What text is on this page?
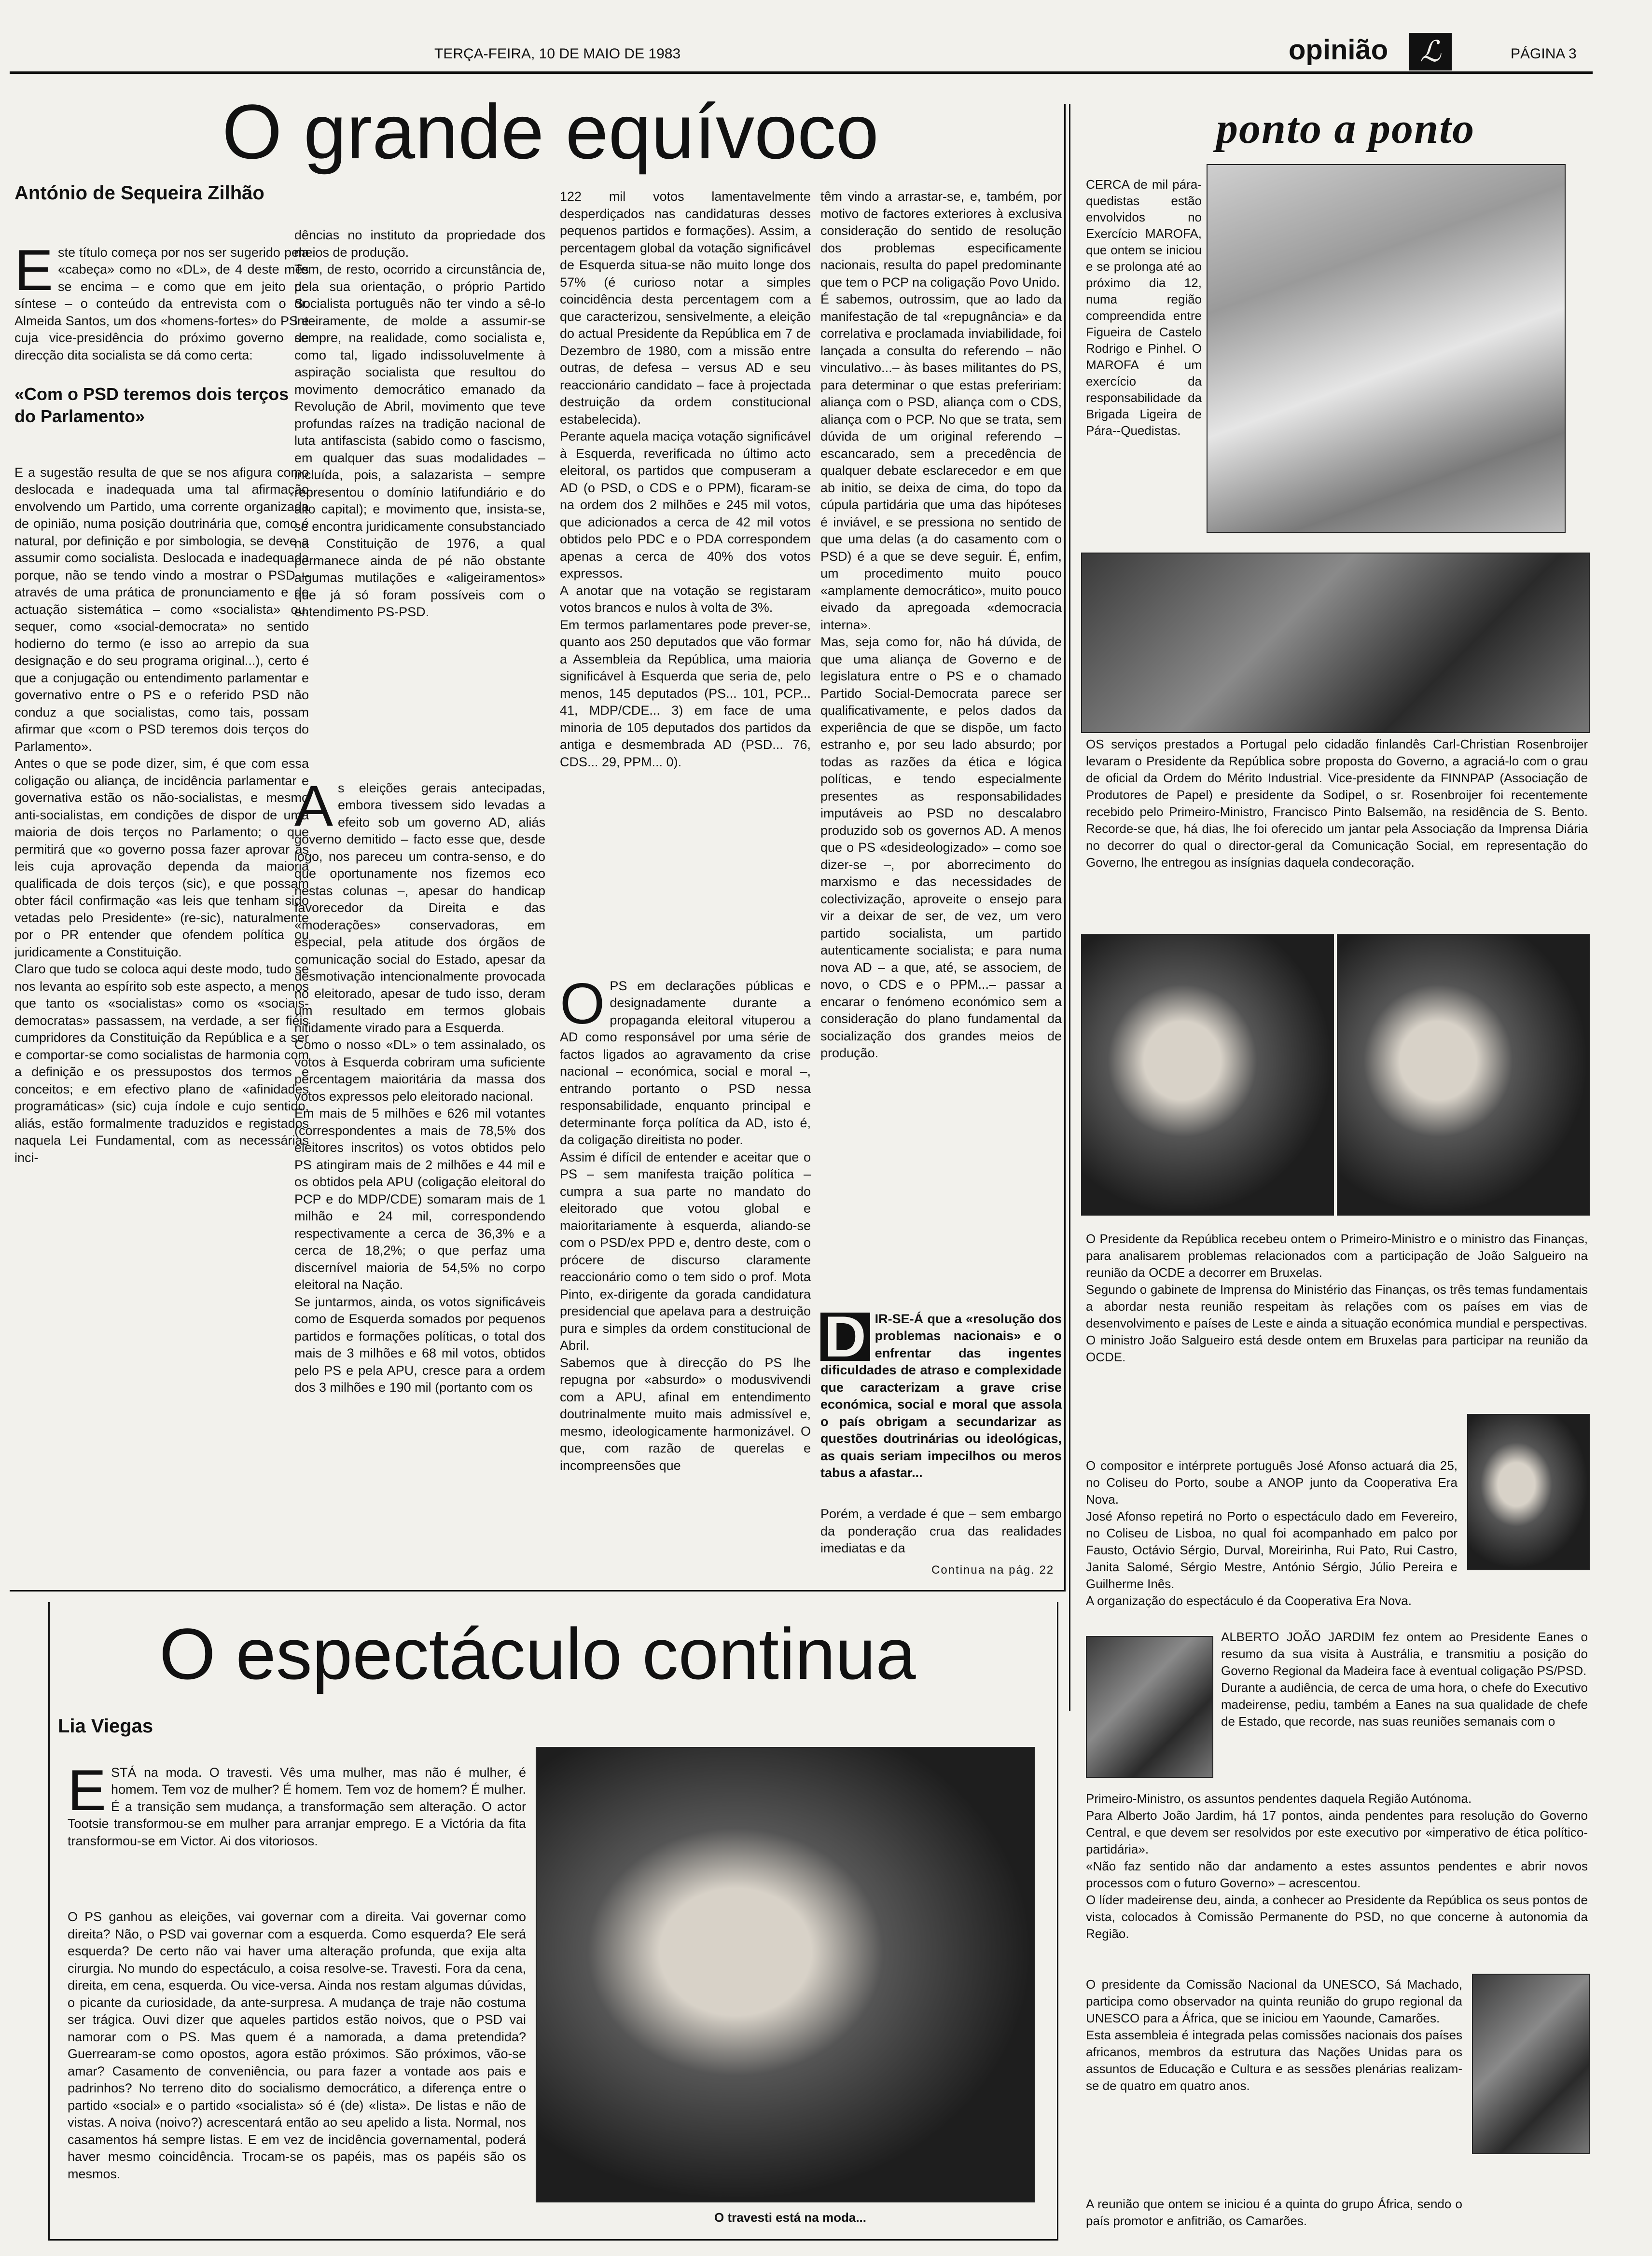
TERÇA-FEIRA, 10 DE MAIO DE 1983	opinião	ℒ	PÁGINA 3
O grande equívoco
António de Sequeira Zilhão

Este título começa por nos ser sugerido pela «cabeça» como no «DL», de 4 deste mês se encima – e como que em jeito de síntese – o conteúdo da entrevista com o dr. Almeida Santos, um dos «homens-fortes» do PS e cuja vice-presidência do próximo governo de direcção dita socialista se dá como certa:

«Com o PSD teremos dois terços do Parlamento»

E a sugestão resulta de que se nos afigura como deslocada e inadequada uma tal afirmação envolvendo um Partido, uma corrente organizada de opinião, numa posição doutrinária que, como é natural, por definição e por simbologia, se deve a assumir como socialista. Deslocada e inadequada porque, não se tendo vindo a mostrar o PSD – através de uma prática de pronunciamento e de actuação sistemática – como «socialista» ou, sequer, como «social-democrata» no sentido hodierno do termo (e isso ao arrepio da sua designação e do seu programa original...), certo é que a conjugação ou entendimento parlamentar e governativo entre o PS e o referido PSD não conduz a que socialistas, como tais, possam afirmar que «com o PSD teremos dois terços do Parlamento».
Antes o que se pode dizer, sim, é que com essa coligação ou aliança, de incidência parlamentar e governativa estão os não-socialistas, e mesmo anti-socialistas, em condições de dispor de uma maioria de dois terços no Parlamento; o que permitirá que «o governo possa fazer aprovar as leis cuja aprovação dependa da maioria qualificada de dois terços (sic), e que possam obter fácil confirmação «as leis que tenham sido vetadas pelo Presidente» (re-sic), naturalmente por o PR entender que ofendem política ou juridicamente a Constituição.
Claro que tudo se coloca aqui deste modo, tudo se nos levanta ao espírito sob este aspecto, a menos que tanto os «socialistas» como os «sociais-democratas» passassem, na verdade, a ser fiéis cumpridores da Constituição da República e a ser e comportar-se como socialistas de harmonia com a definição e os pressupostos dos termos e conceitos; e em efectivo plano de «afinidades programáticas» (sic) cuja índole e cujo sentido, aliás, estão formalmente traduzidos e registados naquela Lei Fundamental, com as necessárias inci-

dências no instituto da propriedade dos meios de produção.
Tem, de resto, ocorrido a circunstância de, pela sua orientação, o próprio Partido Socialista português não ter vindo a sê-lo inteiramente, de molde a assumir-se sempre, na realidade, como socialista e, como tal, ligado indissoluvelmente à aspiração socialista que resultou do movimento democrático emanado da Revolução de Abril, movimento que teve profundas raízes na tradição nacional de luta antifascista (sabido como o fascismo, em qualquer das suas modalidades – incluída, pois, a salazarista – sempre representou o domínio latifundiário e do alto capital); e movimento que, insista-se, se encontra juridicamente consubstanciado na Constituição de 1976, a qual permanece ainda de pé não obstante algumas mutilações e «aligeiramentos» que já só foram possíveis com o entendimento PS-PSD.

As eleições gerais antecipadas, embora tivessem sido levadas a efeito sob um governo AD, aliás governo demitido – facto esse que, desde logo, nos pareceu um contra-senso, e do que oportunamente nos fizemos eco nestas colunas –, apesar do handicap favorecedor da Direita e das «moderações» conservadoras, em especial, pela atitude dos órgãos de comunicação social do Estado, apesar da desmotivação intencionalmente provocada no eleitorado, apesar de tudo isso, deram um resultado em termos globais nitidamente virado para a Esquerda.
Como o nosso «DL» o tem assinalado, os votos à Esquerda cobriram uma suficiente percentagem maioritária da massa dos votos expressos pelo eleitorado nacional.
Em mais de 5 milhões e 626 mil votantes (correspondentes a mais de 78,5% dos eleitores inscritos) os votos obtidos pelo PS atingiram mais de 2 milhões e 44 mil e os obtidos pela APU (coligação eleitoral do PCP e do MDP/CDE) somaram mais de 1 milhão e 24 mil, correspondendo respectivamente a cerca de 36,3% e a cerca de 18,2%; o que perfaz uma discernível maioria de 54,5% no corpo eleitoral na Nação.
Se juntarmos, ainda, os votos significáveis como de Esquerda somados por pequenos partidos e formações políticas, o total dos mais de 3 milhões e 68 mil votos, obtidos pelo PS e pela APU, cresce para a ordem dos 3 milhões e 190 mil (portanto com os

122 mil votos lamentavelmente desperdiçados nas candidaturas desses pequenos partidos e formações). Assim, a percentagem global da votação significável de Esquerda situa-se não muito longe dos 57% (é curioso notar a simples coincidência desta percentagem com a que caracterizou, sensivelmente, a eleição do actual Presidente da República em 7 de Dezembro de 1980, com a missão entre outras, de defesa – versus AD e seu reaccionário candidato – face à projectada destruição da ordem constitucional estabelecida).
Perante aquela maciça votação significável à Esquerda, reverificada no último acto eleitoral, os partidos que compuseram a AD (o PSD, o CDS e o PPM), ficaram-se na ordem dos 2 milhões e 245 mil votos, que adicionados a cerca de 42 mil votos obtidos pelo PDC e o PDA correspondem apenas a cerca de 40% dos votos expressos.
A anotar que na votação se registaram votos brancos e nulos à volta de 3%.
Em termos parlamentares pode prever-se, quanto aos 250 deputados que vão formar a Assembleia da República, uma maioria significável à Esquerda que seria de, pelo menos, 145 deputados (PS... 101, PCP... 41, MDP/CDE... 3) em face de uma minoria de 105 deputados dos partidos da antiga e desmembrada AD (PSD... 76, CDS... 29, PPM... 0).

OPS em declarações públicas e designadamente durante a propaganda eleitoral vituperou a AD como responsável por uma série de factos ligados ao agravamento da crise nacional – económica, social e moral –, entrando portanto o PSD nessa responsabilidade, enquanto principal e determinante força política da AD, isto é, da coligação direitista no poder.
Assim é difícil de entender e aceitar que o PS – sem manifesta traição política – cumpra a sua parte no mandato do eleitorado que votou global e maioritariamente à esquerda, aliando-se com o PSD/ex PPD e, dentro deste, com o prócere de discurso claramente reaccionário como o tem sido o prof. Mota Pinto, ex-dirigente da gorada candidatura presidencial que apelava para a destruição pura e simples da ordem constitucional de Abril.
Sabemos que à direcção do PS lhe repugna por «absurdo» o modusvivendi com a APU, afinal em entendimento doutrinalmente muito mais admissível e, mesmo, ideologicamente harmonizável. O que, com razão de querelas e incompreensões que

têm vindo a arrastar-se, e, também, por motivo de factores exteriores à exclusiva consideração do sentido de resolução dos problemas especificamente nacionais, resulta do papel predominante que tem o PCP na coligação Povo Unido.
É sabemos, outrossim, que ao lado da manifestação de tal «repugnância» e da correlativa e proclamada inviabilidade, foi lançada a consulta do referendo – não vinculativo...– às bases militantes do PS, para determinar o que estas prefeririam: aliança com o PSD, aliança com o CDS, aliança com o PCP. No que se trata, sem dúvida de um original referendo – escancarado, sem a precedência de qualquer debate esclarecedor e em que ab initio, se deixa de cima, do topo da cúpula partidária que uma das hipóteses é inviável, e se pressiona no sentido de que uma delas (a do casamento com o PSD) é a que se deve seguir. É, enfim, um procedimento muito pouco «amplamente democrático», muito pouco eivado da apregoada «democracia interna».
Mas, seja como for, não há dúvida, de que uma aliança de Governo e de legislatura entre o PS e o chamado Partido Social-Democrata parece ser qualificativamente, e pelos dados da experiência de que se dispõe, um facto estranho e, por seu lado absurdo; por todas as razões da ética e lógica políticas, e tendo especialmente presentes as responsabilidades imputáveis ao PSD no descalabro produzido sob os governos AD. A menos que o PS «desideologizado» – como soe dizer-se –, por aborrecimento do marxismo e das necessidades de colectivização, aproveite o ensejo para vir a deixar de ser, de vez, um vero partido socialista, um partido autenticamente socialista; e para numa nova AD – a que, até, se associem, de novo, o CDS e o PPM...– passar a encarar o fenómeno económico sem a consideração do plano fundamental da socialização dos grandes meios de produção.

D IR-SE-Á que a «resolução dos problemas nacionais» e o enfrentar das ingentes dificuldades de atraso e complexidade que caracterizam a grave crise económica, social e moral que assola o país obrigam a secundarizar as questões doutrinárias ou ideológicas, as quais seriam impecilhos ou meros tabus a afastar...

Porém, a verdade é que – sem embargo da ponderação crua das realidades imediatas e da
Continua na pág. 22
O espectáculo continua
Lia Viegas

ESTÁ na moda. O travesti. Vês uma mulher, mas não é mulher, é homem. Tem voz de mulher? É homem. Tem voz de homem? É mulher. É a transição sem mudança, a transformação sem alteração. O actor Tootsie transformou-se em mulher para arranjar emprego. E a Victória da fita transformou-se em Victor. Ai dos vitoriosos.

O PS ganhou as eleições, vai governar com a direita. Vai governar como direita? Não, o PSD vai governar com a esquerda. Como esquerda? Ele será esquerda? De certo não vai haver uma alteração profunda, que exija alta cirurgia. No mundo do espectáculo, a coisa resolve-se. Travesti. Fora da cena, direita, em cena, esquerda. Ou vice-versa. Ainda nos restam algumas dúvidas, o picante da curiosidade, da ante-surpresa. A mudança de traje não costuma ser trágica. Ouvi dizer que aqueles partidos estão noivos, que o PSD vai namorar com o PS. Mas quem é a namorada, a dama pretendida? Guerrearam-se como opostos, agora estão próximos. São próximos, vão-se amar? Casamento de conveniência, ou para fazer a vontade aos pais e padrinhos? No terreno dito do socialismo democrático, a diferença entre o partido «social» e o partido «socialista» só é (de) «lista». De listas e não de vistas. A noiva (noivo?) acrescentará então ao seu apelido a lista. Normal, nos casamentos há sempre listas. E em vez de incidência governamental, poderá haver mesmo coincidência. Trocam-se os papéis, mas os papéis são os mesmos.
O travesti está na moda...
ponto a ponto
CERCA de mil pára-quedistas estão envolvidos no Exercício MAROFA, que ontem se iniciou e se prolonga até ao próximo dia 12, numa região compreendida entre Figueira de Castelo Rodrigo e Pinhel. O MAROFA é um exercício da responsabilidade da Brigada Ligeira de Pára--Quedistas.
OS serviços prestados a Portugal pelo cidadão finlandês Carl-Christian Rosenbroijer levaram o Presidente da República sobre proposta do Governo, a agraciá-lo com o grau de oficial da Ordem do Mérito Industrial. Vice-presidente da FINNPAP (Associação de Produtores de Papel) e presidente da Sodipel, o sr. Rosenbroijer foi recentemente recebido pelo Primeiro-Ministro, Francisco Pinto Balsemão, na residência de S. Bento. Recorde-se que, há dias, lhe foi oferecido um jantar pela Associação da Imprensa Diária no decorrer do qual o director-geral da Comunicação Social, em representação do Governo, lhe entregou as insígnias daquela condecoração.
O Presidente da República recebeu ontem o Primeiro-Ministro e o ministro das Finanças, para analisarem problemas relacionados com a participação de João Salgueiro na reunião da OCDE a decorrer em Bruxelas.
Segundo o gabinete de Imprensa do Ministério das Finanças, os três temas fundamentais a abordar nesta reunião respeitam às relações com os países em vias de desenvolvimento e países de Leste e ainda a situação económica mundial e perspectivas.
O ministro João Salgueiro está desde ontem em Bruxelas para participar na reunião da OCDE.
O compositor e intérprete português José Afonso actuará dia 25, no Coliseu do Porto, soube a ANOP junto da Cooperativa Era Nova.
José Afonso repetirá no Porto o espectáculo dado em Fevereiro, no Coliseu de Lisboa, no qual foi acompanhado em palco por Fausto, Octávio Sérgio, Durval, Moreirinha, Rui Pato, Rui Castro, Janita Salomé, Sérgio Mestre, António Sérgio, Júlio Pereira e Guilherme Inês.
A organização do espectáculo é da Cooperativa Era Nova.
ALBERTO JOÃO JARDIM fez ontem ao Presidente Eanes o resumo da sua visita à Austrália, e transmitiu a posição do Governo Regional da Madeira face à eventual coligação PS/PSD.
Durante a audiência, de cerca de uma hora, o chefe do Executivo madeirense, pediu, também a Eanes na sua qualidade de chefe de Estado, que recorde, nas suas reuniões semanais com o
Primeiro-Ministro, os assuntos pendentes daquela Região Autónoma.
Para Alberto João Jardim, há 17 pontos, ainda pendentes para resolução do Governo Central, e que devem ser resolvidos por este executivo por «imperativo de ética político-partidária».
«Não faz sentido não dar andamento a estes assuntos pendentes e abrir novos processos com o futuro Governo» – acrescentou.
O líder madeirense deu, ainda, a conhecer ao Presidente da República os seus pontos de vista, colocados à Comissão Permanente do PSD, no que concerne à autonomia da Região.
O presidente da Comissão Nacional da UNESCO, Sá Machado, participa como observador na quinta reunião do grupo regional da UNESCO para a África, que se iniciou em Yaounde, Camarões.
Esta assembleia é integrada pelas comissões nacionais dos países africanos, membros da estrutura das Nações Unidas para os assuntos de Educação e Cultura e as sessões plenárias realizam-se de quatro em quatro anos.
A reunião que ontem se iniciou é a quinta do grupo África, sendo o país promotor e anfitrião, os Camarões.
